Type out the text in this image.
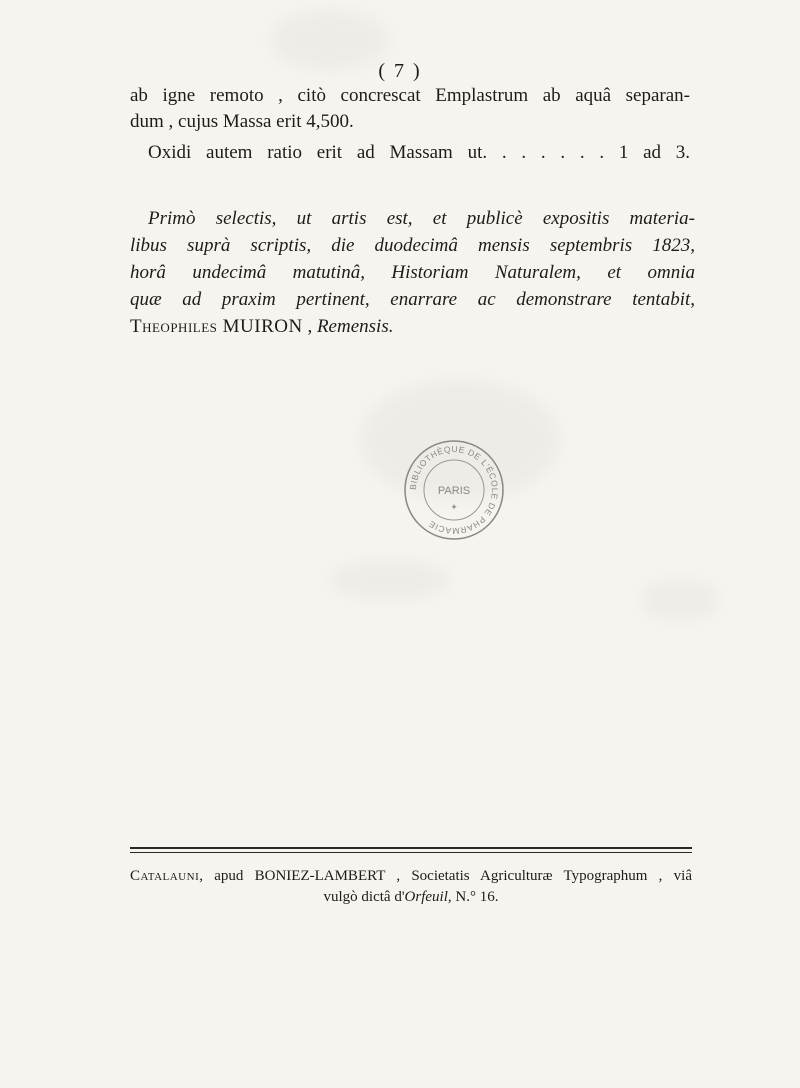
( 7 )
ab igne remoto , citò concrescat Emplastrum ab aquâ separan-
dum , cujus Massa erit 4,500.
Oxidi autem ratio erit ad Massam ut. . . . . . . 1 ad 3.
Primò selectis, ut artis est, et publicè expositis materia-
libus suprà scriptis, die duodecimâ mensis septembris 1823,
horâ undecimâ matutinâ, Historiam Naturalem, et omnia
quæ ad praxim pertinent, enarrare ac demonstrare tentabit,
Theophiles MUIRON , Remensis.
BIBLIOTHÈQUE DE L'ÉCOLE DE PHARMACIE
PARIS
✦
Catalauni, apud BONIEZ-LAMBERT , Societatis Agriculturæ Typographum , viâ
vulgò dictâ d'Orfeuil, N.° 16.
